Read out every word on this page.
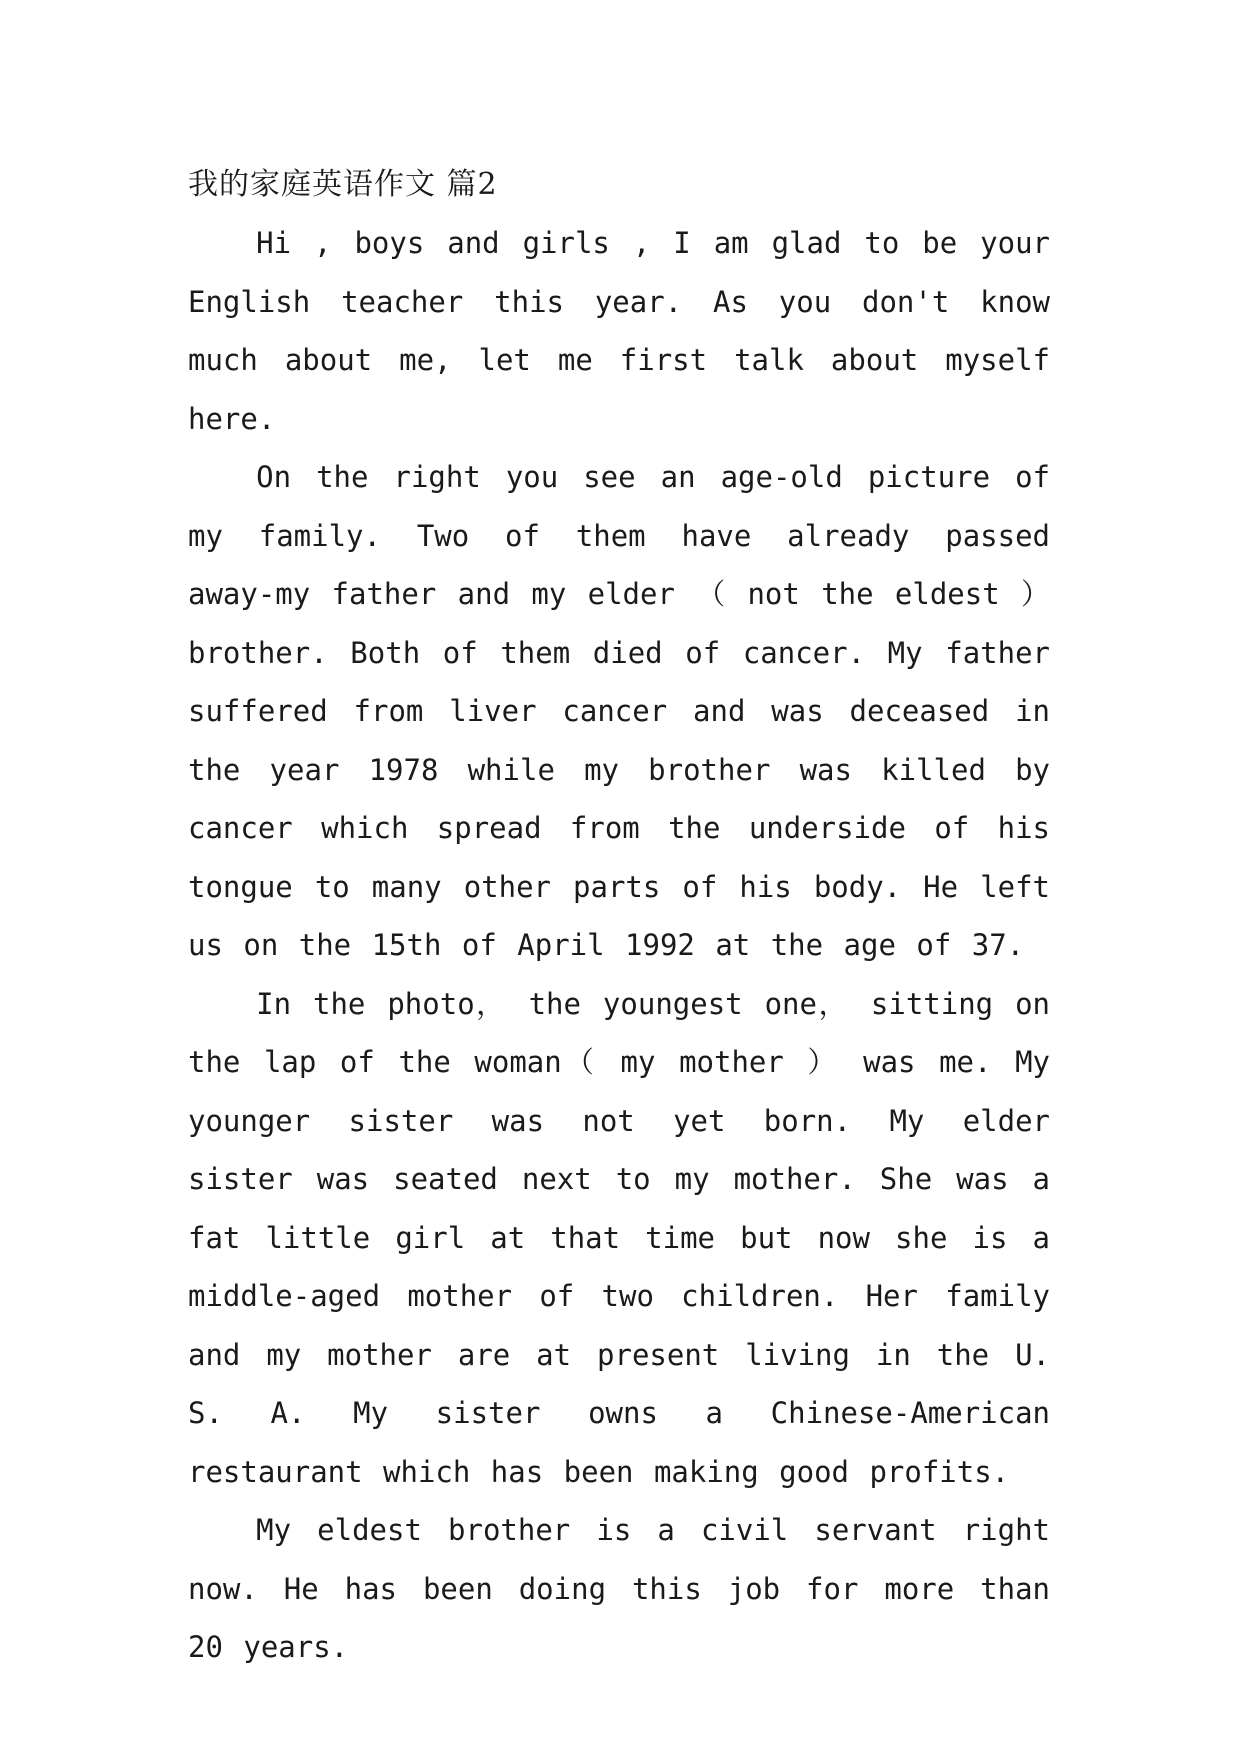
我的家庭英语作文 篇2

Hi , boys and girls , I am glad to be your English teacher this year. As you don't know much about me, let me first talk about myself here.

On the right you see an age-old picture of my family. Two of them have already passed away-my father and my elder （ not the eldest ） brother. Both of them died of cancer. My father suffered from liver cancer and was deceased in the year 1978 while my brother was killed by cancer which spread from the underside of his tongue to many other parts of his body. He left us on the 15th of April 1992 at the age of 37.

In the photo， the youngest one， sitting on the lap of the woman（ my mother ） was me. My younger sister was not yet born. My elder sister was seated next to my mother. She was a fat little girl at that time but now she is a middle-aged mother of two children. Her family and my mother are at present living in the U. S. A. My sister owns a Chinese-American restaurant which has been making good profits.

My eldest brother is a civil servant right now. He has been doing this job for more than 20 years.
